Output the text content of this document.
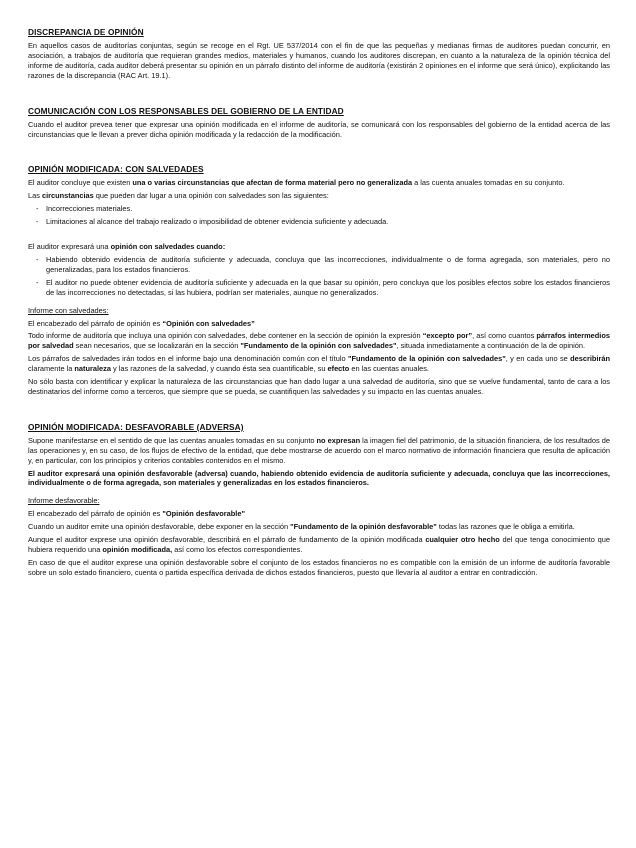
DISCREPANCIA DE OPINIÓN

En aquellos casos de auditorías conjuntas, según se recoge en el Rgt. UE 537/2014 con el fin de que las pequeñas y medianas firmas de auditores puedan concurrir, en asociación, a trabajos de auditoría que requieran grandes medios, materiales y humanos, cuando los auditores discrepan, en cuanto a la naturaleza de la opinión técnica del informe de auditoría, cada auditor deberá presentar su opinión en un párrafo distinto del informe de auditoría (existirán 2 opiniones en el informe que será único), explicitando las razones de la discrepancia (RAC Art. 19.1).

COMUNICACIÓN CON LOS RESPONSABLES DEL GOBIERNO DE LA ENTIDAD

Cuando el auditor prevea tener que expresar una opinión modificada en el informe de auditoría, se comunicará con los responsables del gobierno de la entidad acerca de las circunstancias que le llevan a prever dicha opinión modificada y la redacción de la modificación.

OPINIÓN MODIFICADA: CON SALVEDADES

El auditor concluye que existen una o varias circunstancias que afectan de forma material pero no generalizada a las cuenta anuales tomadas en su conjunto.

Las circunstancias que pueden dar lugar a una opinión con salvedades son las siguientes:

- Incorrecciones materiales.
- Limitaciones al alcance del trabajo realizado o imposibilidad de obtener evidencia suficiente y adecuada.

El auditor expresará una opinión con salvedades cuando:

- Habiendo obtenido evidencia de auditoría suficiente y adecuada, concluya que las incorrecciones, individualmente o de forma agregada, son materiales, pero no generalizadas, para los estados financieros.
- El auditor no puede obtener evidencia de auditoría suficiente y adecuada en la que basar su opinión, pero concluya que los posibles efectos sobre los estados financieros de las incorrecciones no detectadas, si las hubiera, podrían ser materiales, aunque no generalizados.

Informe con salvedades:

El encabezado del párrafo de opinión es “Opinión con salvedades”

Todo informe de auditoría que incluya una opinión con salvedades, debe contener en la sección de opinión la expresión “excepto por”, así como cuantos párrafos intermedios por salvedad sean necesarios, que se localizarán en la sección "Fundamento de la opinión con salvedades", situada inmediatamente a continuación de la de opinión.

Los párrafos de salvedades irán todos en el informe bajo una denominación común con el título "Fundamento de la opinión con salvedades", y en cada uno se describirán claramente la naturaleza y las razones de la salvedad, y cuando ésta sea cuantificable, su efecto en las cuentas anuales.

No sólo basta con identificar y explicar la naturaleza de las circunstancias que han dado lugar a una salvedad de auditoría, sino que se vuelve fundamental, tanto de cara a los destinatarios del informe como a terceros, que siempre que se pueda, se cuantifiquen las salvedades y su impacto en las cuentas anuales.

OPINIÓN MODIFICADA: DESFAVORABLE (ADVERSA)

Supone manifestarse en el sentido de que las cuentas anuales tomadas en su conjunto no expresan la imagen fiel del patrimonio, de la situación financiera, de los resultados de las operaciones y, en su caso, de los flujos de efectivo de la entidad, que debe mostrarse de acuerdo con el marco normativo de información financiera que resulta de aplicación y, en particular, con los principios y criterios contables contenidos en el mismo.

El auditor expresará una opinión desfavorable (adversa) cuando, habiendo obtenido evidencia de auditoría suficiente y adecuada, concluya que las incorrecciones, individualmente o de forma agregada, son materiales y generalizadas en los estados financieros.

Informe desfavorable:

El encabezado del párrafo de opinión es "Opinión desfavorable"

Cuando un auditor emite una opinión desfavorable, debe exponer en la sección "Fundamento de la opinión desfavorable" todas las razones que le obliga a emitirla.

Aunque el auditor exprese una opinión desfavorable, describirá en el párrafo de fundamento de la opinión modificada cualquier otro hecho del que tenga conocimiento que hubiera requerido una opinión modificada, así como los efectos correspondientes.

En caso de que el auditor exprese una opinión desfavorable sobre el conjunto de los estados financieros no es compatible con la emisión de un informe de auditoría favorable sobre un solo estado financiero, cuenta o partida específica derivada de dichos estados financieros, puesto que llevaría al auditor a entrar en contradicción.
